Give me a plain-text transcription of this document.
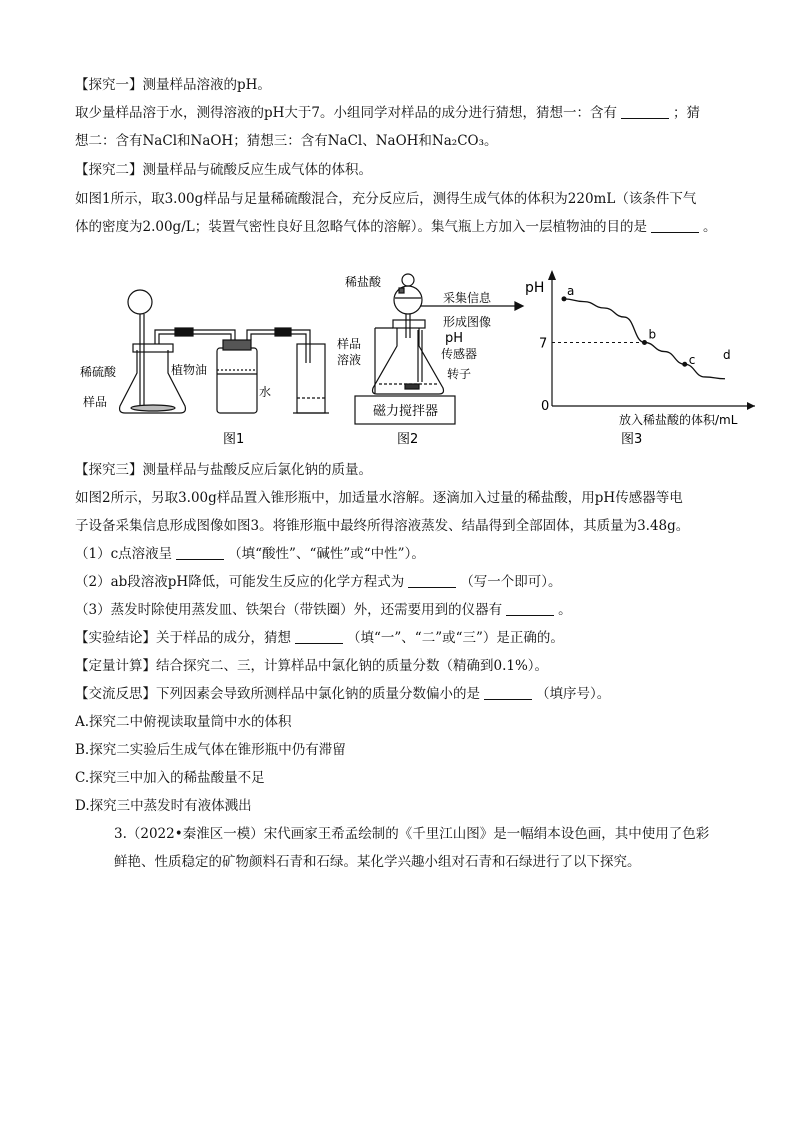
【探究一】测量样品溶液的pH。
取少量样品溶于水，测得溶液的pH大于7。小组同学对样品的成分进行猜想，猜想一：含有	；猜
想二：含有NaCl和NaOH；猜想三：含有NaCl、NaOH和Na₂CO₃。
【探究二】测量样品与硫酸反应生成气体的体积。
如图1所示，取3.00g样品与足量稀硫酸混合，充分反应后，测得生成气体的体积为220mL（该条件下气
体的密度为2.00g/L；装置气密性良好且忽略气体的溶解）。集气瓶上方加入一层植物油的目的是	。
稀硫酸
样品
植物油
水
图1
稀盐酸
采集信息
形成图像
pH
传感器
样品
溶液
转子
磁力搅拌器
图2
a
b
c d
pH
0
7
放入稀盐酸的体积/mL
图3
【探究三】测量样品与盐酸反应后氯化钠的质量。
如图2所示，另取3.00g样品置入锥形瓶中，加适量水溶解。逐滴加入过量的稀盐酸，用pH传感器等电
子设备采集信息形成图像如图3。将锥形瓶中最终所得溶液蒸发、结晶得到全部固体，其质量为3.48g。
（1）c点溶液呈	（填“酸性”、“碱性”或“中性”）。
（2）ab段溶液pH降低，可能发生反应的化学方程式为	（写一个即可）。
（3）蒸发时除使用蒸发皿、铁架台（带铁圈）外，还需要用到的仪器有	。
【实验结论】关于样品的成分，猜想	（填“一”、“二”或“三”）是正确的。
【定量计算】结合探究二、三，计算样品中氯化钠的质量分数（精确到0.1%）。
【交流反思】下列因素会导致所测样品中氯化钠的质量分数偏小的是	（填序号）。
A.探究二中俯视读取量筒中水的体积
B.探究二实验后生成气体在锥形瓶中仍有滞留
C.探究三中加入的稀盐酸量不足
D.探究三中蒸发时有液体溅出
3.（2022•秦淮区一模）宋代画家王希孟绘制的《千里江山图》是一幅绢本设色画，其中使用了色彩
鲜艳、性质稳定的矿物颜料石青和石绿。某化学兴趣小组对石青和石绿进行了以下探究。
